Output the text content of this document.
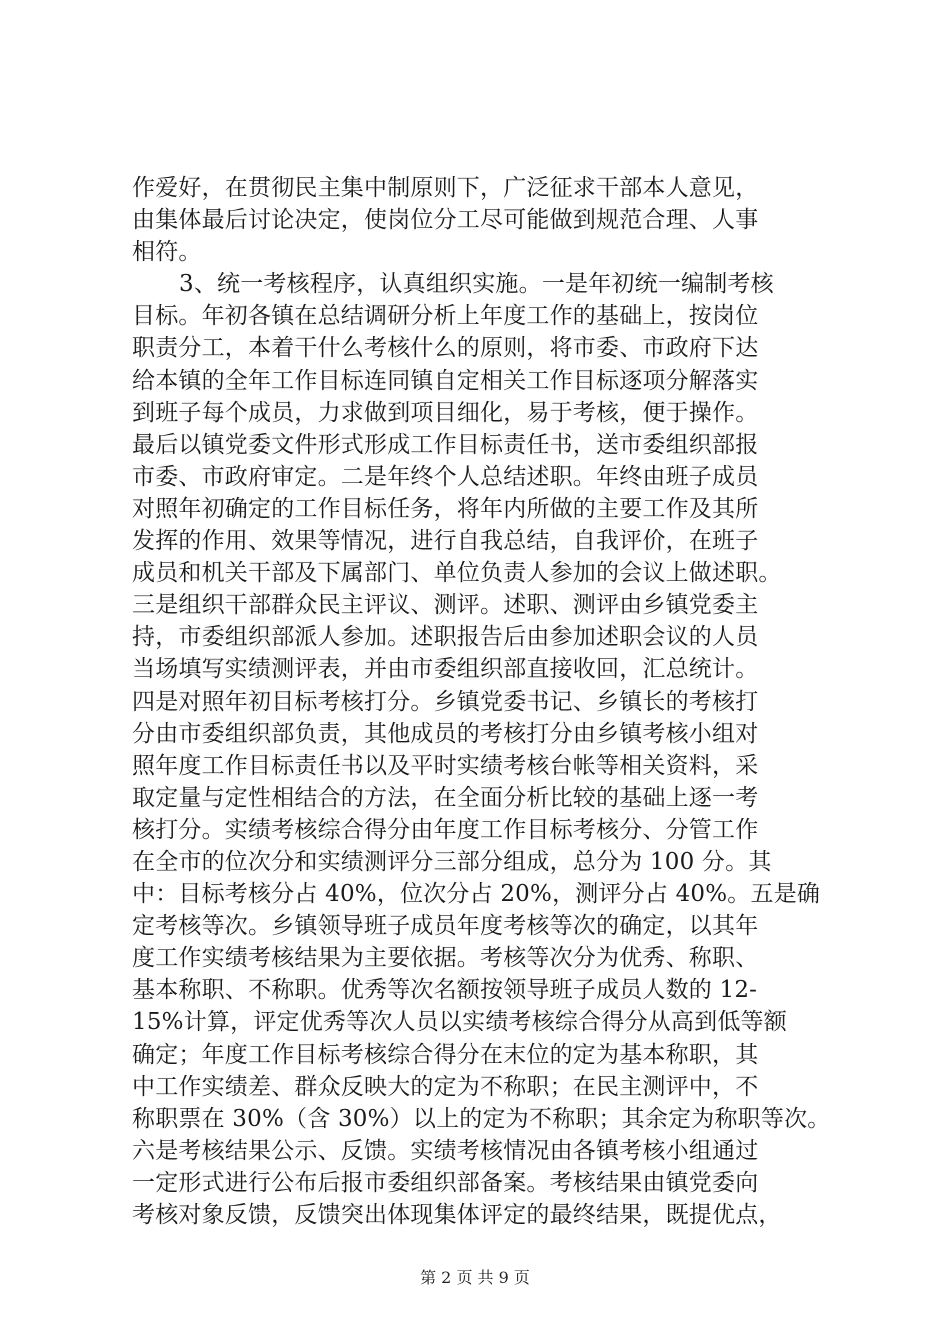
作爱好，在贯彻民主集中制原则下，广泛征求干部本人意见，
由集体最后讨论决定，使岗位分工尽可能做到规范合理、人事
相符。
3、统一考核程序，认真组织实施。一是年初统一编制考核
目标。年初各镇在总结调研分析上年度工作的基础上，按岗位
职责分工，本着干什么考核什么的原则，将市委、市政府下达
给本镇的全年工作目标连同镇自定相关工作目标逐项分解落实
到班子每个成员，力求做到项目细化，易于考核，便于操作。
最后以镇党委文件形式形成工作目标责任书，送市委组织部报
市委、市政府审定。二是年终个人总结述职。年终由班子成员
对照年初确定的工作目标任务，将年内所做的主要工作及其所
发挥的作用、效果等情况，进行自我总结，自我评价，在班子
成员和机关干部及下属部门、单位负责人参加的会议上做述职。
三是组织干部群众民主评议、测评。述职、测评由乡镇党委主
持，市委组织部派人参加。述职报告后由参加述职会议的人员
当场填写实绩测评表，并由市委组织部直接收回，汇总统计。
四是对照年初目标考核打分。乡镇党委书记、乡镇长的考核打
分由市委组织部负责，其他成员的考核打分由乡镇考核小组对
照年度工作目标责任书以及平时实绩考核台帐等相关资料，采
取定量与定性相结合的方法，在全面分析比较的基础上逐一考
核打分。实绩考核综合得分由年度工作目标考核分、分管工作
在全市的位次分和实绩测评分三部分组成，总分为 100 分。其
中：目标考核分占 40%，位次分占 20%，测评分占 40%。五是确
定考核等次。乡镇领导班子成员年度考核等次的确定，以其年
度工作实绩考核结果为主要依据。考核等次分为优秀、称职、
基本称职、不称职。优秀等次名额按领导班子成员人数的 12-
15%计算，评定优秀等次人员以实绩考核综合得分从高到低等额
确定；年度工作目标考核综合得分在末位的定为基本称职，其
中工作实绩差、群众反映大的定为不称职；在民主测评中，不
称职票在 30%（含 30%）以上的定为不称职；其余定为称职等次。
六是考核结果公示、反馈。实绩考核情况由各镇考核小组通过
一定形式进行公布后报市委组织部备案。考核结果由镇党委向
考核对象反馈，反馈突出体现集体评定的最终结果，既提优点，
第 2 页 共 9 页
